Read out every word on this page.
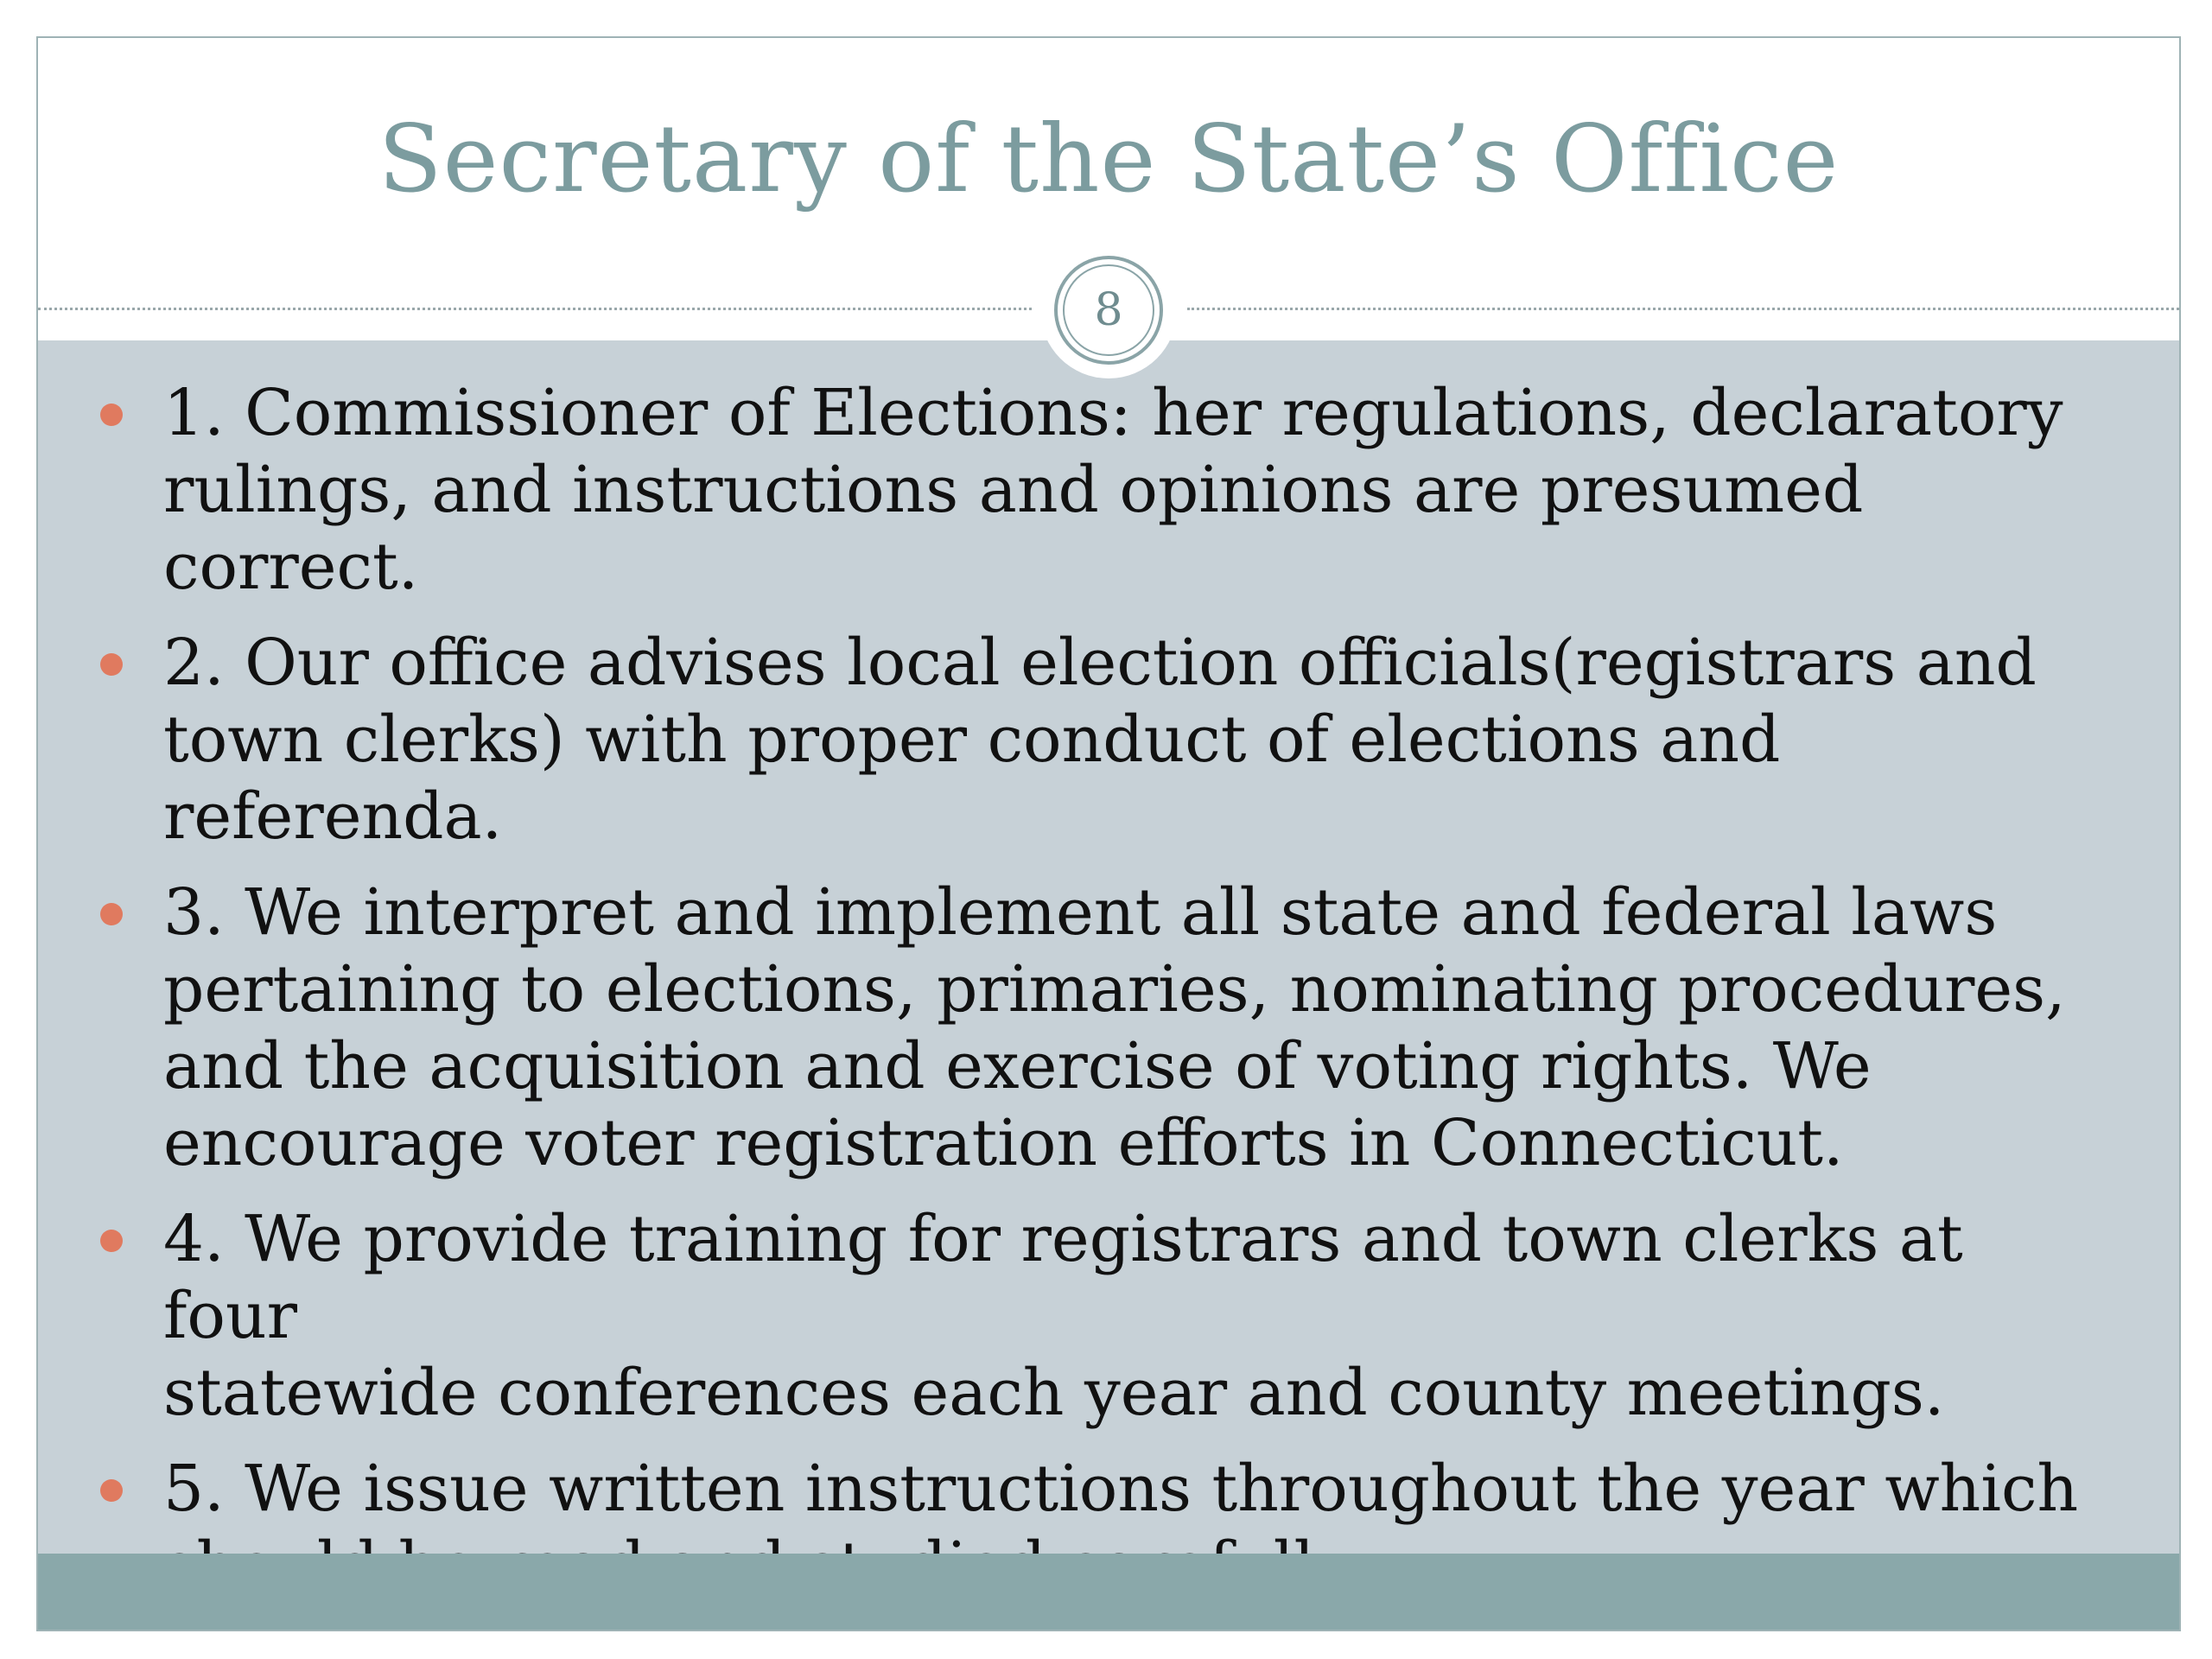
Secretary of the State’s Office
8
1. Commissioner of Elections: her regulations, declaratory
rulings, and instructions and opinions are presumed correct.
2. Our office advises local election officials(registrars and
town clerks) with proper conduct of elections and referenda.
3. We interpret and implement all state and federal laws
pertaining to elections, primaries, nominating procedures,
and the acquisition and exercise of voting rights. We
encourage voter registration efforts in Connecticut.
4. We provide training for registrars and town clerks at four
statewide conferences each year and county meetings.
5. We issue written instructions throughout the year which
